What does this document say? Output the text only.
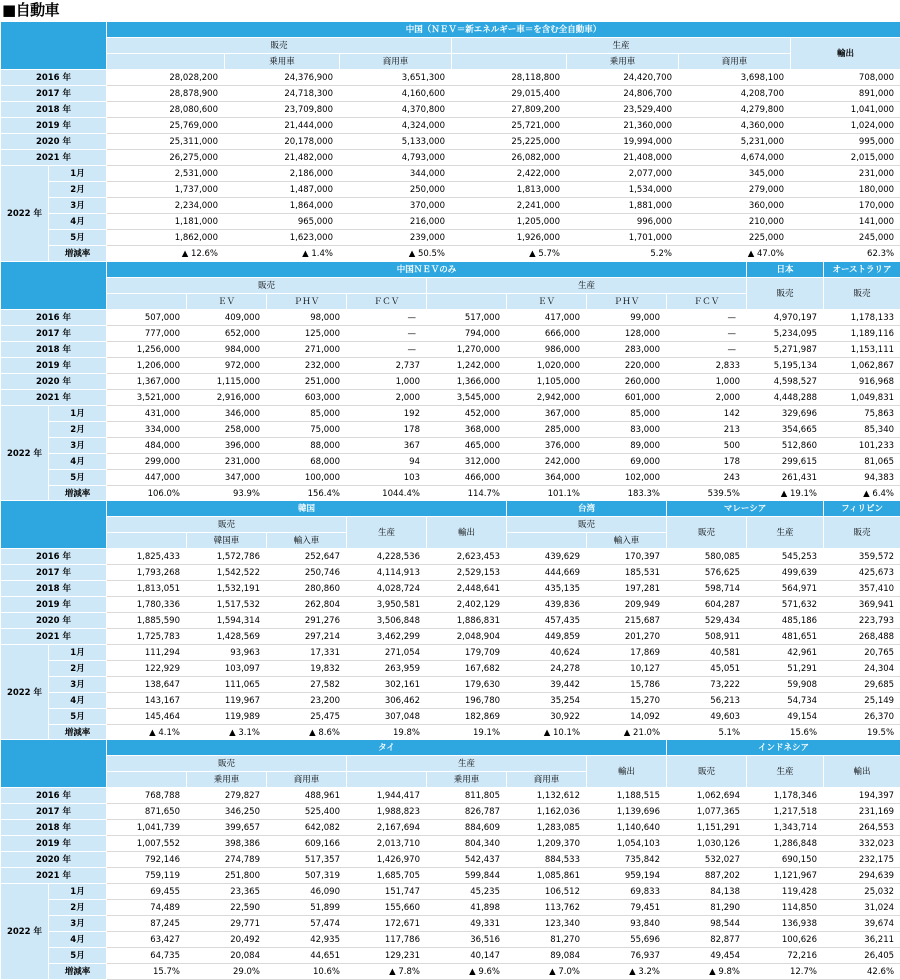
■自動車
		中国（ＮＥＶ＝新エネルギー車＝を含む全自動車）						
		販売			生産			輸出
			乗用車	商用車		乗用車	商用車	
2016 年		28,028,200	24,376,900	3,651,300	28,118,800	24,420,700	3,698,100	708,000
2017 年		28,878,900	24,718,300	4,160,600	29,015,400	24,806,700	4,208,700	891,000
2018 年		28,080,600	23,709,800	4,370,800	27,809,200	23,529,400	4,279,800	1,041,000
2019 年		25,769,000	21,444,000	4,324,000	25,721,000	21,360,000	4,360,000	1,024,000
2020 年		25,311,000	20,178,000	5,133,000	25,225,000	19,994,000	5,231,000	995,000
2021 年		26,275,000	21,482,000	4,793,000	26,082,000	21,408,000	4,674,000	2,015,000
2022 年	1月	2,531,000	2,186,000	344,000	2,422,000	2,077,000	345,000	231,000
	2月	1,737,000	1,487,000	250,000	1,813,000	1,534,000	279,000	180,000
	3月	2,234,000	1,864,000	370,000	2,241,000	1,881,000	360,000	170,000
	4月	1,181,000	965,000	216,000	1,205,000	996,000	210,000	141,000
	5月	1,862,000	1,623,000	239,000	1,926,000	1,701,000	225,000	245,000
	増減率	▲ 12.6%	▲ 1.4%	▲ 50.5%	▲ 5.7%	5.2%	▲ 47.0%	62.3%
		中国ＮＥＶのみ								日本	オーストラリア
		販売				生産				販売	販売
			ＥＶ	ＰＨＶ	ＦＣＶ		ＥＶ	ＰＨＶ	ＦＣＶ		
2016 年		507,000	409,000	98,000	—	517,000	417,000	99,000	—	4,970,197	1,178,133
2017 年		777,000	652,000	125,000	—	794,000	666,000	128,000	—	5,234,095	1,189,116
2018 年		1,256,000	984,000	271,000	—	1,270,000	986,000	283,000	—	5,271,987	1,153,111
2019 年		1,206,000	972,000	232,000	2,737	1,242,000	1,020,000	220,000	2,833	5,195,134	1,062,867
2020 年		1,367,000	1,115,000	251,000	1,000	1,366,000	1,105,000	260,000	1,000	4,598,527	916,968
2021 年		3,521,000	2,916,000	603,000	2,000	3,545,000	2,942,000	601,000	2,000	4,448,288	1,049,831
2022 年	1月	431,000	346,000	85,000	192	452,000	367,000	85,000	142	329,696	75,863
	2月	334,000	258,000	75,000	178	368,000	285,000	83,000	213	354,665	85,340
	3月	484,000	396,000	88,000	367	465,000	376,000	89,000	500	512,860	101,233
	4月	299,000	231,000	68,000	94	312,000	242,000	69,000	178	299,615	81,065
	5月	447,000	347,000	100,000	103	466,000	364,000	102,000	243	261,431	94,383
	増減率	106.0%	93.9%	156.4%	1044.4%	114.7%	101.1%	183.3%	539.5%	▲ 19.1%	▲ 6.4%
		韓国					台湾		マレーシア		フィリピン
		販売			生産	輸出	販売		販売	生産	販売
			韓国車	輸入車				輸入車			
2016 年		1,825,433	1,572,786	252,647	4,228,536	2,623,453	439,629	170,397	580,085	545,253	359,572
2017 年		1,793,268	1,542,522	250,746	4,114,913	2,529,153	444,669	185,531	576,625	499,639	425,673
2018 年		1,813,051	1,532,191	280,860	4,028,724	2,448,641	435,135	197,281	598,714	564,971	357,410
2019 年		1,780,336	1,517,532	262,804	3,950,581	2,402,129	439,836	209,949	604,287	571,632	369,941
2020 年		1,885,590	1,594,314	291,276	3,506,848	1,886,831	457,435	215,687	529,434	485,186	223,793
2021 年		1,725,783	1,428,569	297,214	3,462,299	2,048,904	449,859	201,270	508,911	481,651	268,488
2022 年	1月	111,294	93,963	17,331	271,054	179,709	40,624	17,869	40,581	42,961	20,765
	2月	122,929	103,097	19,832	263,959	167,682	24,278	10,127	45,051	51,291	24,304
	3月	138,647	111,065	27,582	302,161	179,630	39,442	15,786	73,222	59,908	29,685
	4月	143,167	119,967	23,200	306,462	196,780	35,254	15,270	56,213	54,734	25,149
	5月	145,464	119,989	25,475	307,048	182,869	30,922	14,092	49,603	49,154	26,370
	増減率	▲ 4.1%	▲ 3.1%	▲ 8.6%	19.8%	19.1%	▲ 10.1%	▲ 21.0%	5.1%	15.6%	19.5%
		タイ							インドネシア		
		販売			生産			輸出	販売	生産	輸出
			乗用車	商用車		乗用車	商用車				
2016 年		768,788	279,827	488,961	1,944,417	811,805	1,132,612	1,188,515	1,062,694	1,178,346	194,397
2017 年		871,650	346,250	525,400	1,988,823	826,787	1,162,036	1,139,696	1,077,365	1,217,518	231,169
2018 年		1,041,739	399,657	642,082	2,167,694	884,609	1,283,085	1,140,640	1,151,291	1,343,714	264,553
2019 年		1,007,552	398,386	609,166	2,013,710	804,340	1,209,370	1,054,103	1,030,126	1,286,848	332,023
2020 年		792,146	274,789	517,357	1,426,970	542,437	884,533	735,842	532,027	690,150	232,175
2021 年		759,119	251,800	507,319	1,685,705	599,844	1,085,861	959,194	887,202	1,121,967	294,639
2022 年	1月	69,455	23,365	46,090	151,747	45,235	106,512	69,833	84,138	119,428	25,032
	2月	74,489	22,590	51,899	155,660	41,898	113,762	79,451	81,290	114,850	31,024
	3月	87,245	29,771	57,474	172,671	49,331	123,340	93,840	98,544	136,938	39,674
	4月	63,427	20,492	42,935	117,786	36,516	81,270	55,696	82,877	100,626	36,211
	5月	64,735	20,084	44,651	129,231	40,147	89,084	76,937	49,454	72,216	26,405
	増減率	15.7%	29.0%	10.6%	▲ 7.8%	▲ 9.6%	▲ 7.0%	▲ 3.2%	▲ 9.8%	12.7%	42.6%
